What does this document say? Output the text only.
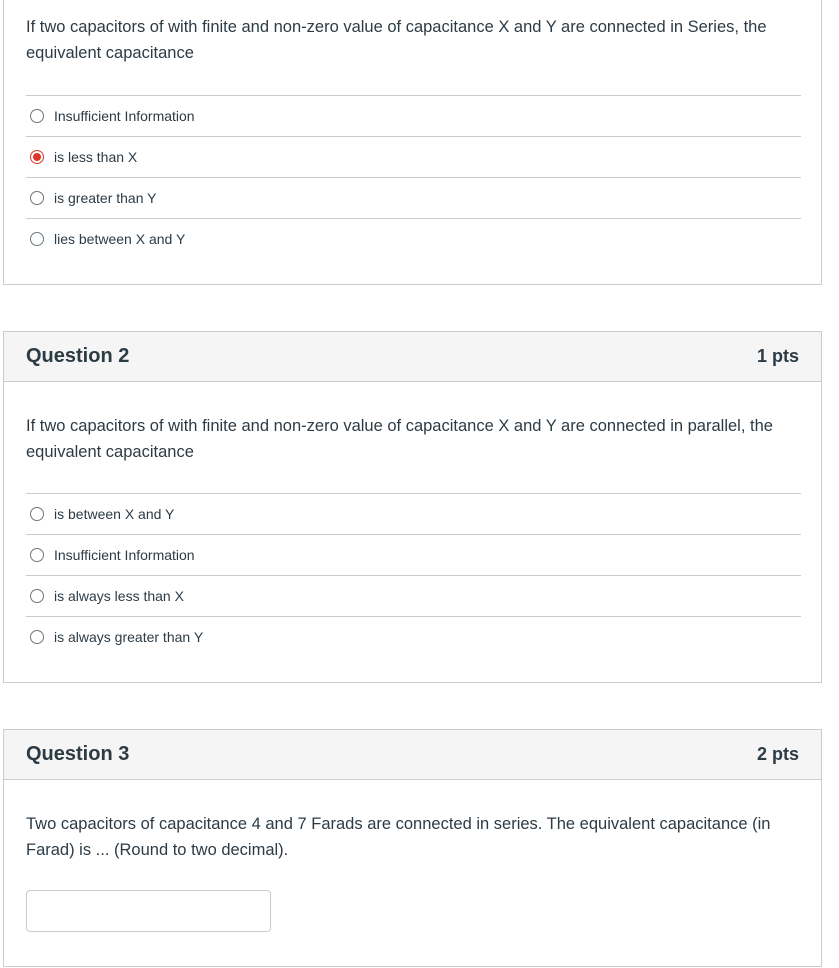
If two capacitors of with finite and non-zero value of capacitance X and Y are connected in Series, the equivalent capacitance
Insufficient Information
is less than X
is greater than Y
lies between X and Y
Question 2	1 pts
If two capacitors of with finite and non-zero value of capacitance X and Y are connected in parallel, the equivalent capacitance
is between X and Y
Insufficient Information
is always less than X
is always greater than Y
Question 3	2 pts
Two capacitors of capacitance 4 and 7 Farads are connected in series. The equivalent capacitance (in Farad) is ... (Round to two decimal).
